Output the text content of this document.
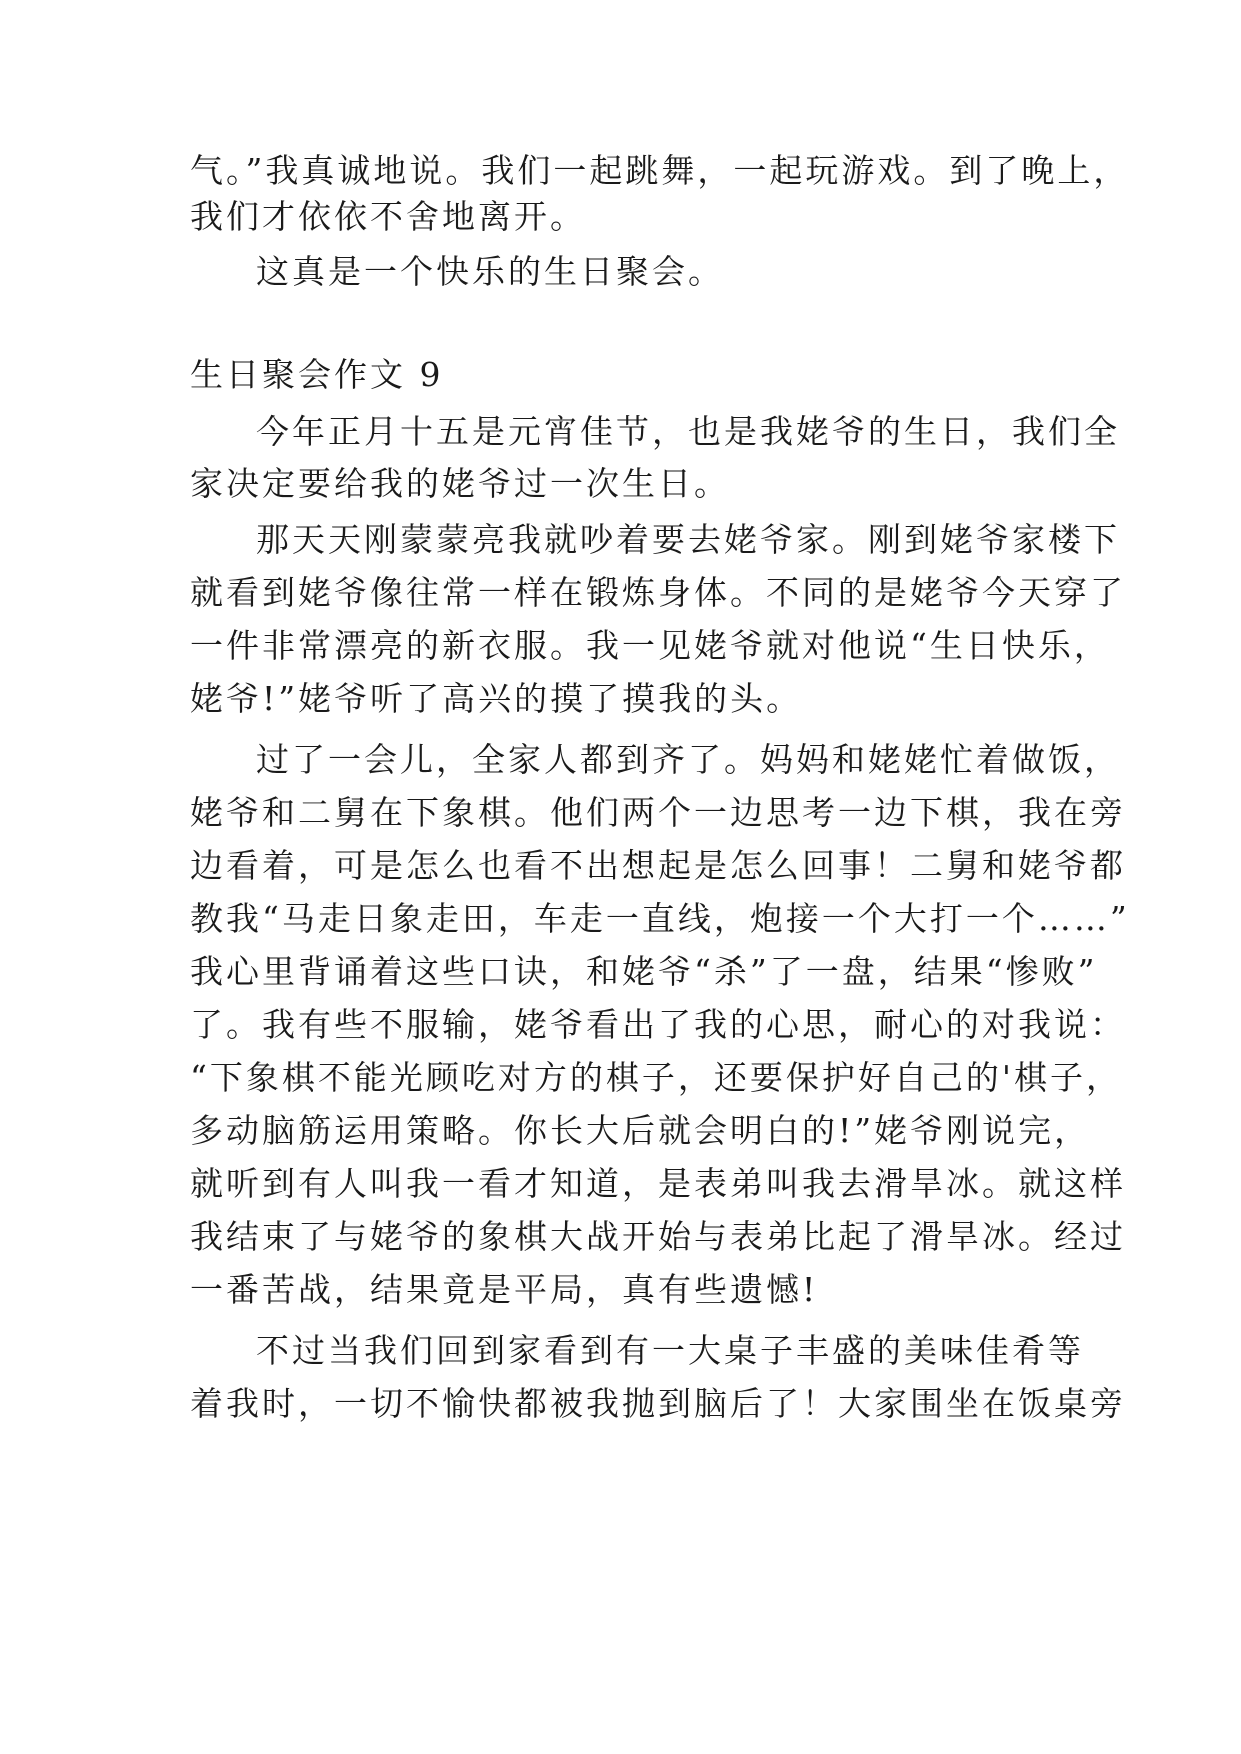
气。”我真诚地说。我们一起跳舞，一起玩游戏。到了晚上，
我们才依依不舍地离开。
这真是一个快乐的生日聚会。
生日聚会作文 9
今年正月十五是元宵佳节，也是我姥爷的生日，我们全
家决定要给我的姥爷过一次生日。
那天天刚蒙蒙亮我就吵着要去姥爷家。刚到姥爷家楼下
就看到姥爷像往常一样在锻炼身体。不同的是姥爷今天穿了
一件非常漂亮的新衣服。我一见姥爷就对他说“生日快乐，
姥爷!”姥爷听了高兴的摸了摸我的头。
过了一会儿，全家人都到齐了。妈妈和姥姥忙着做饭，
姥爷和二舅在下象棋。他们两个一边思考一边下棋，我在旁
边看着，可是怎么也看不出想起是怎么回事！二舅和姥爷都
教我“马走日象走田，车走一直线，炮接一个大打一个……”
我心里背诵着这些口诀，和姥爷“杀”了一盘，结果“惨败”
了。我有些不服输，姥爷看出了我的心思，耐心的对我说：
“下象棋不能光顾吃对方的棋子，还要保护好自己的'棋子，
多动脑筋运用策略。你长大后就会明白的!”姥爷刚说完，
就听到有人叫我一看才知道，是表弟叫我去滑旱冰。就这样
我结束了与姥爷的象棋大战开始与表弟比起了滑旱冰。经过
一番苦战，结果竟是平局，真有些遗憾!
不过当我们回到家看到有一大桌子丰盛的美味佳肴等
着我时，一切不愉快都被我抛到脑后了！大家围坐在饭桌旁
